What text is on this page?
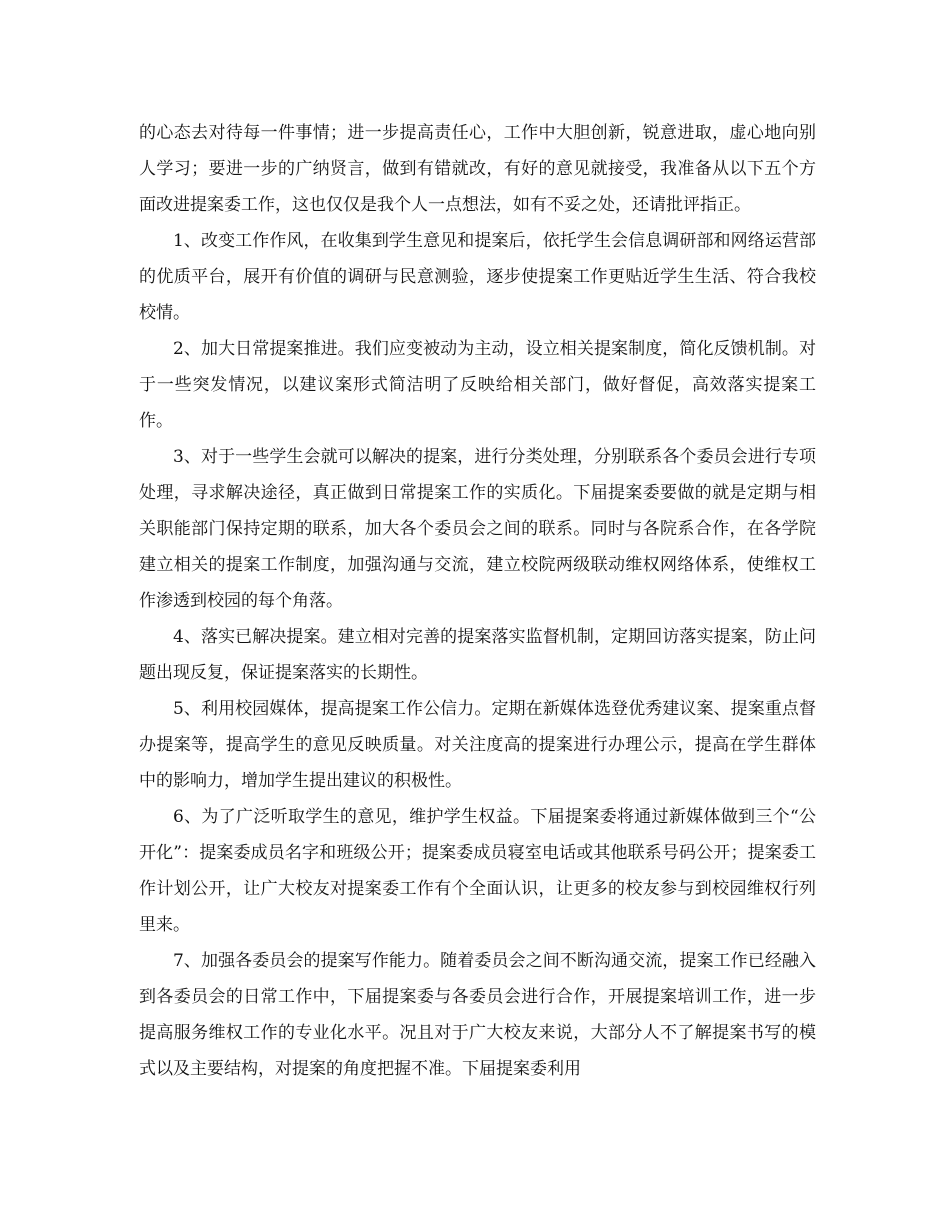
的心态去对待每一件事情；进一步提高责任心，工作中大胆创新，锐意进取，虚心地向别人学习；要进一步的广纳贤言，做到有错就改，有好的意见就接受，我准备从以下五个方面改进提案委工作，这也仅仅是我个人一点想法，如有不妥之处，还请批评指正。

1、改变工作作风，在收集到学生意见和提案后，依托学生会信息调研部和网络运营部的优质平台，展开有价值的调研与民意测验，逐步使提案工作更贴近学生生活、符合我校校情。

2、加大日常提案推进。我们应变被动为主动，设立相关提案制度，简化反馈机制。对于一些突发情况，以建议案形式简洁明了反映给相关部门，做好督促，高效落实提案工作。

3、对于一些学生会就可以解决的提案，进行分类处理，分别联系各个委员会进行专项处理，寻求解决途径，真正做到日常提案工作的实质化。下届提案委要做的就是定期与相关职能部门保持定期的联系，加大各个委员会之间的联系。同时与各院系合作，在各学院建立相关的提案工作制度，加强沟通与交流，建立校院两级联动维权网络体系，使维权工作渗透到校园的每个角落。

4、落实已解决提案。建立相对完善的提案落实监督机制，定期回访落实提案，防止问题出现反复，保证提案落实的长期性。

5、利用校园媒体，提高提案工作公信力。定期在新媒体选登优秀建议案、提案重点督办提案等，提高学生的意见反映质量。对关注度高的提案进行办理公示，提高在学生群体中的影响力，增加学生提出建议的积极性。

6、为了广泛听取学生的意见，维护学生权益。下届提案委将通过新媒体做到三个“公开化”：提案委成员名字和班级公开；提案委成员寝室电话或其他联系号码公开；提案委工作计划公开，让广大校友对提案委工作有个全面认识，让更多的校友参与到校园维权行列里来。

7、加强各委员会的提案写作能力。随着委员会之间不断沟通交流，提案工作已经融入到各委员会的日常工作中，下届提案委与各委员会进行合作，开展提案培训工作，进一步提高服务维权工作的专业化水平。况且对于广大校友来说，大部分人不了解提案书写的模式以及主要结构，对提案的角度把握不准。下届提案委利用
